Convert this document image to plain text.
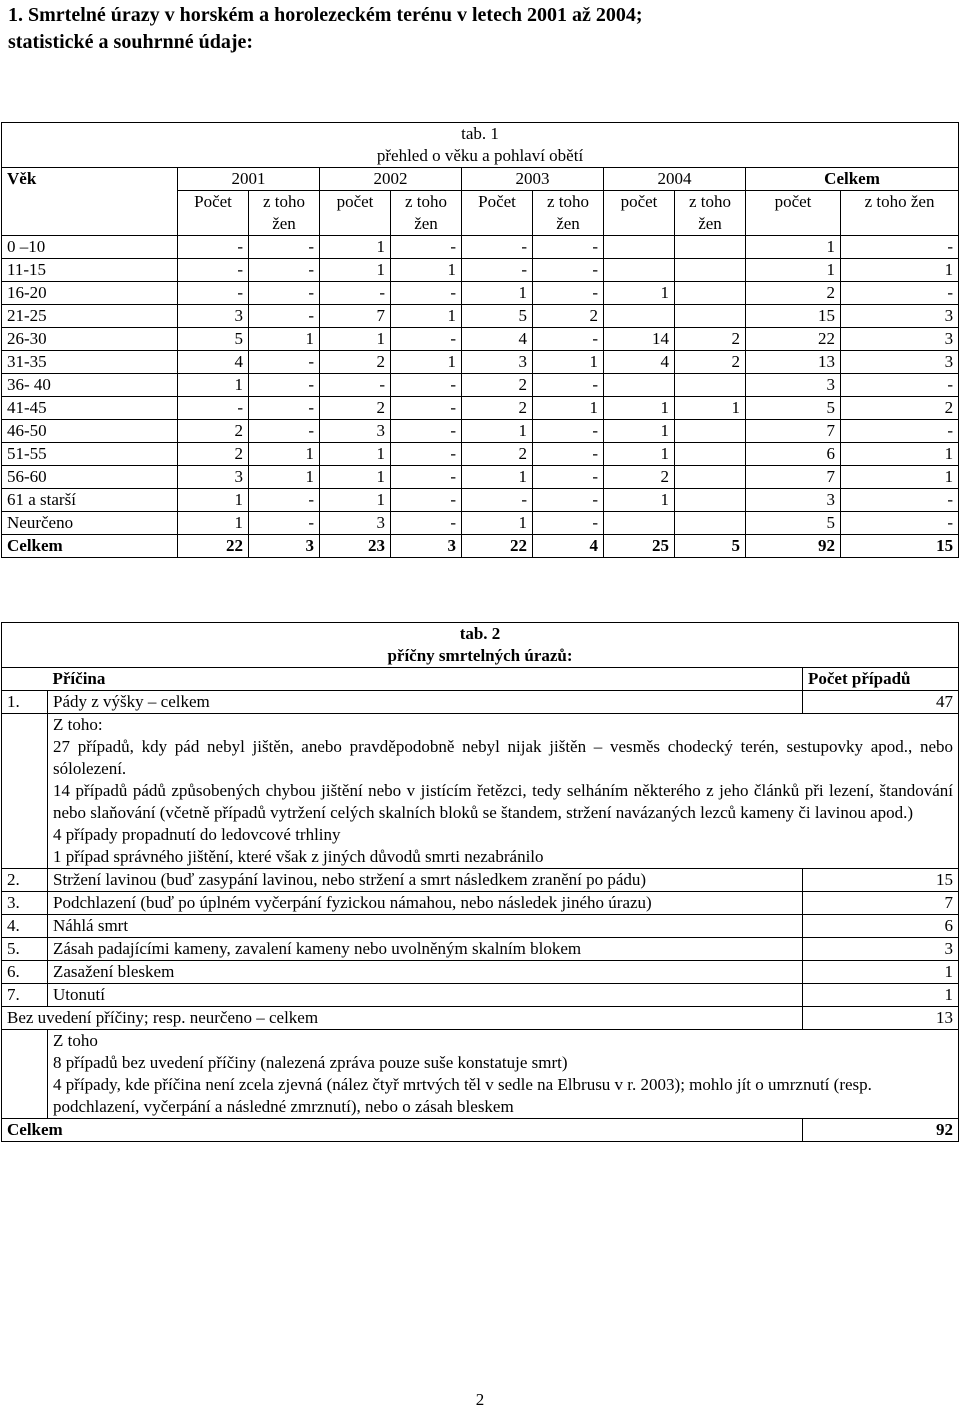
1. Smrtelné úrazy v horském a horolezeckém terénu v letech 2001 až 2004;
statistické a souhrnné údaje:
tab. 1
přehled o věku a pohlaví obětí										

Věk	2001		2002		2003		2004		Celkem	
	Počet	z toho žen	počet	z toho žen	Počet	z toho žen	počet	z toho žen	počet	z toho žen
0 –10	-	-	1	-	-	-			1	-
11-15	-	-	1	1	-	-			1	1
16-20	-	-	-	-	1	-	1		2	-
21-25	3	-	7	1	5	2			15	3
26-30	5	1	1	-	4	-	14	2	22	3
31-35	4	-	2	1	3	1	4	2	13	3
36- 40	1	-	-	-	2	-			3	-
41-45	-	-	2	-	2	1	1	1	5	2
46-50	2	-	3	-	1	-	1		7	-
51-55	2	1	1	-	2	-	1		6	1
56-60	3	1	1	-	1	-	2		7	1
61 a starší	1	-	1	-	-	-	1		3	-
Neurčeno	1	-	3	-	1	-			5	-
Celkem	22	3	23	3	22	4	25	5	92	15
tab. 2
příčny smrtelných úrazů:		

	Příčina	Počet případů
1.	Pády z výšky – celkem	47

	Z toho:

27 případů, kdy pád nebyl jištěn, anebo pravděpodobně nebyl nijak jištěn – vesměs chodecký terén, sestupovky apod., nebo sólolezení.

14 případů pádů způsobených chybou jištění nebo v jistícím řetězci, tedy selháním některého z jeho článků při lezení, štandování nebo slaňování (včetně případů vytržení celých skalních bloků se štandem, stržení navázaných lezců kameny či lavinou apod.)

4 případy propadnutí do ledovcové trhliny

1 případ správného jištění, které však z jiných důvodů smrti nezabránilo	

2.	Stržení lavinou (buď zasypání lavinou, nebo stržení a smrt následkem zranění po pádu)	15
3.	Podchlazení (buď po úplném vyčerpání fyzickou námahou, nebo následek jiného úrazu)	7
4.	Náhlá smrt	6
5.	Zásah padajícími kameny, zavalení kameny nebo uvolněným skalním blokem	3
6.	Zasažení bleskem	1
7.	Utonutí	1
Bez uvedení příčiny; resp. neurčeno – celkem		13

	Z toho

8 případů bez uvedení příčiny (nalezená zpráva pouze suše konstatuje smrt)

4 případy, kde příčina není zcela zjevná (nález čtyř mrtvých těl v sedle na Elbrusu v r. 2003); mohlo jít o umrznutí (resp. podchlazení, vyčerpání a následné zmrznutí), nebo o zásah bleskem	

Celkem		92
2
